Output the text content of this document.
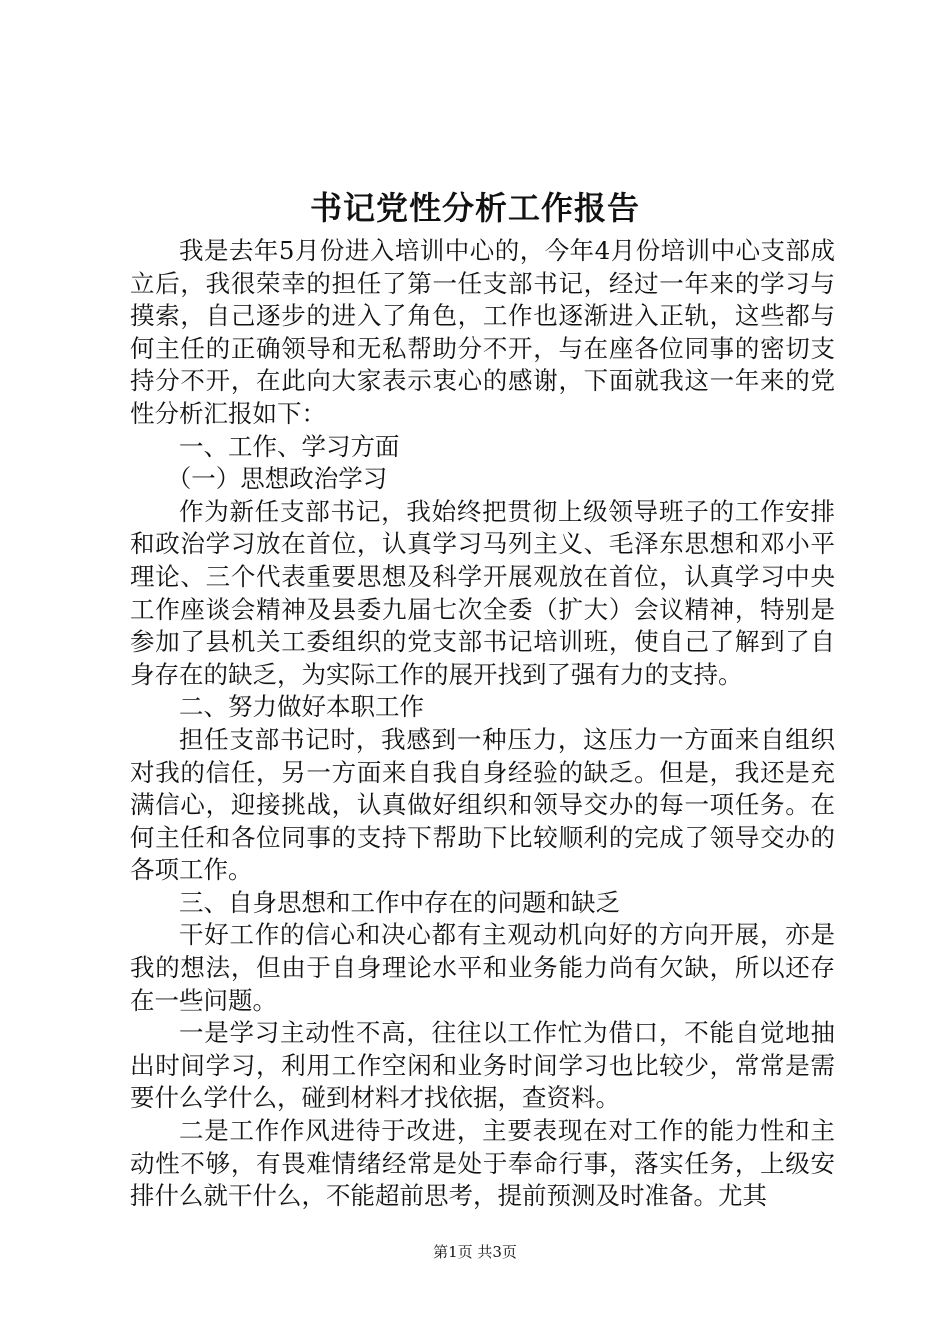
书记党性分析工作报告

我是去年5月份进入培训中心的，今年4月份培训中心支部成立后，我很荣幸的担任了第一任支部书记，经过一年来的学习与摸索，自己逐步的进入了角色，工作也逐渐进入正轨，这些都与何主任的正确领导和无私帮助分不开，与在座各位同事的密切支持分不开，在此向大家表示衷心的感谢，下面就我这一年来的党性分析汇报如下：

一、工作、学习方面

（一）思想政治学习

作为新任支部书记，我始终把贯彻上级领导班子的工作安排和政治学习放在首位，认真学习马列主义、毛泽东思想和邓小平理论、三个代表重要思想及科学开展观放在首位，认真学习中央工作座谈会精神及县委九届七次全委（扩大）会议精神，特别是参加了县机关工委组织的党支部书记培训班，使自己了解到了自身存在的缺乏，为实际工作的展开找到了强有力的支持。

二、努力做好本职工作

担任支部书记时，我感到一种压力，这压力一方面来自组织对我的信任，另一方面来自我自身经验的缺乏。但是，我还是充满信心，迎接挑战，认真做好组织和领导交办的每一项任务。在何主任和各位同事的支持下帮助下比较顺利的完成了领导交办的各项工作。

三、自身思想和工作中存在的问题和缺乏

干好工作的信心和决心都有主观动机向好的方向开展，亦是我的想法，但由于自身理论水平和业务能力尚有欠缺，所以还存在一些问题。

一是学习主动性不高，往往以工作忙为借口，不能自觉地抽出时间学习，利用工作空闲和业务时间学习也比较少，常常是需要什么学什么，碰到材料才找依据，查资料。

二是工作作风进待于改进，主要表现在对工作的能力性和主动性不够，有畏难情绪经常是处于奉命行事，落实任务，上级安排什么就干什么，不能超前思考，提前预测及时准备。尤其

第1页 共3页
